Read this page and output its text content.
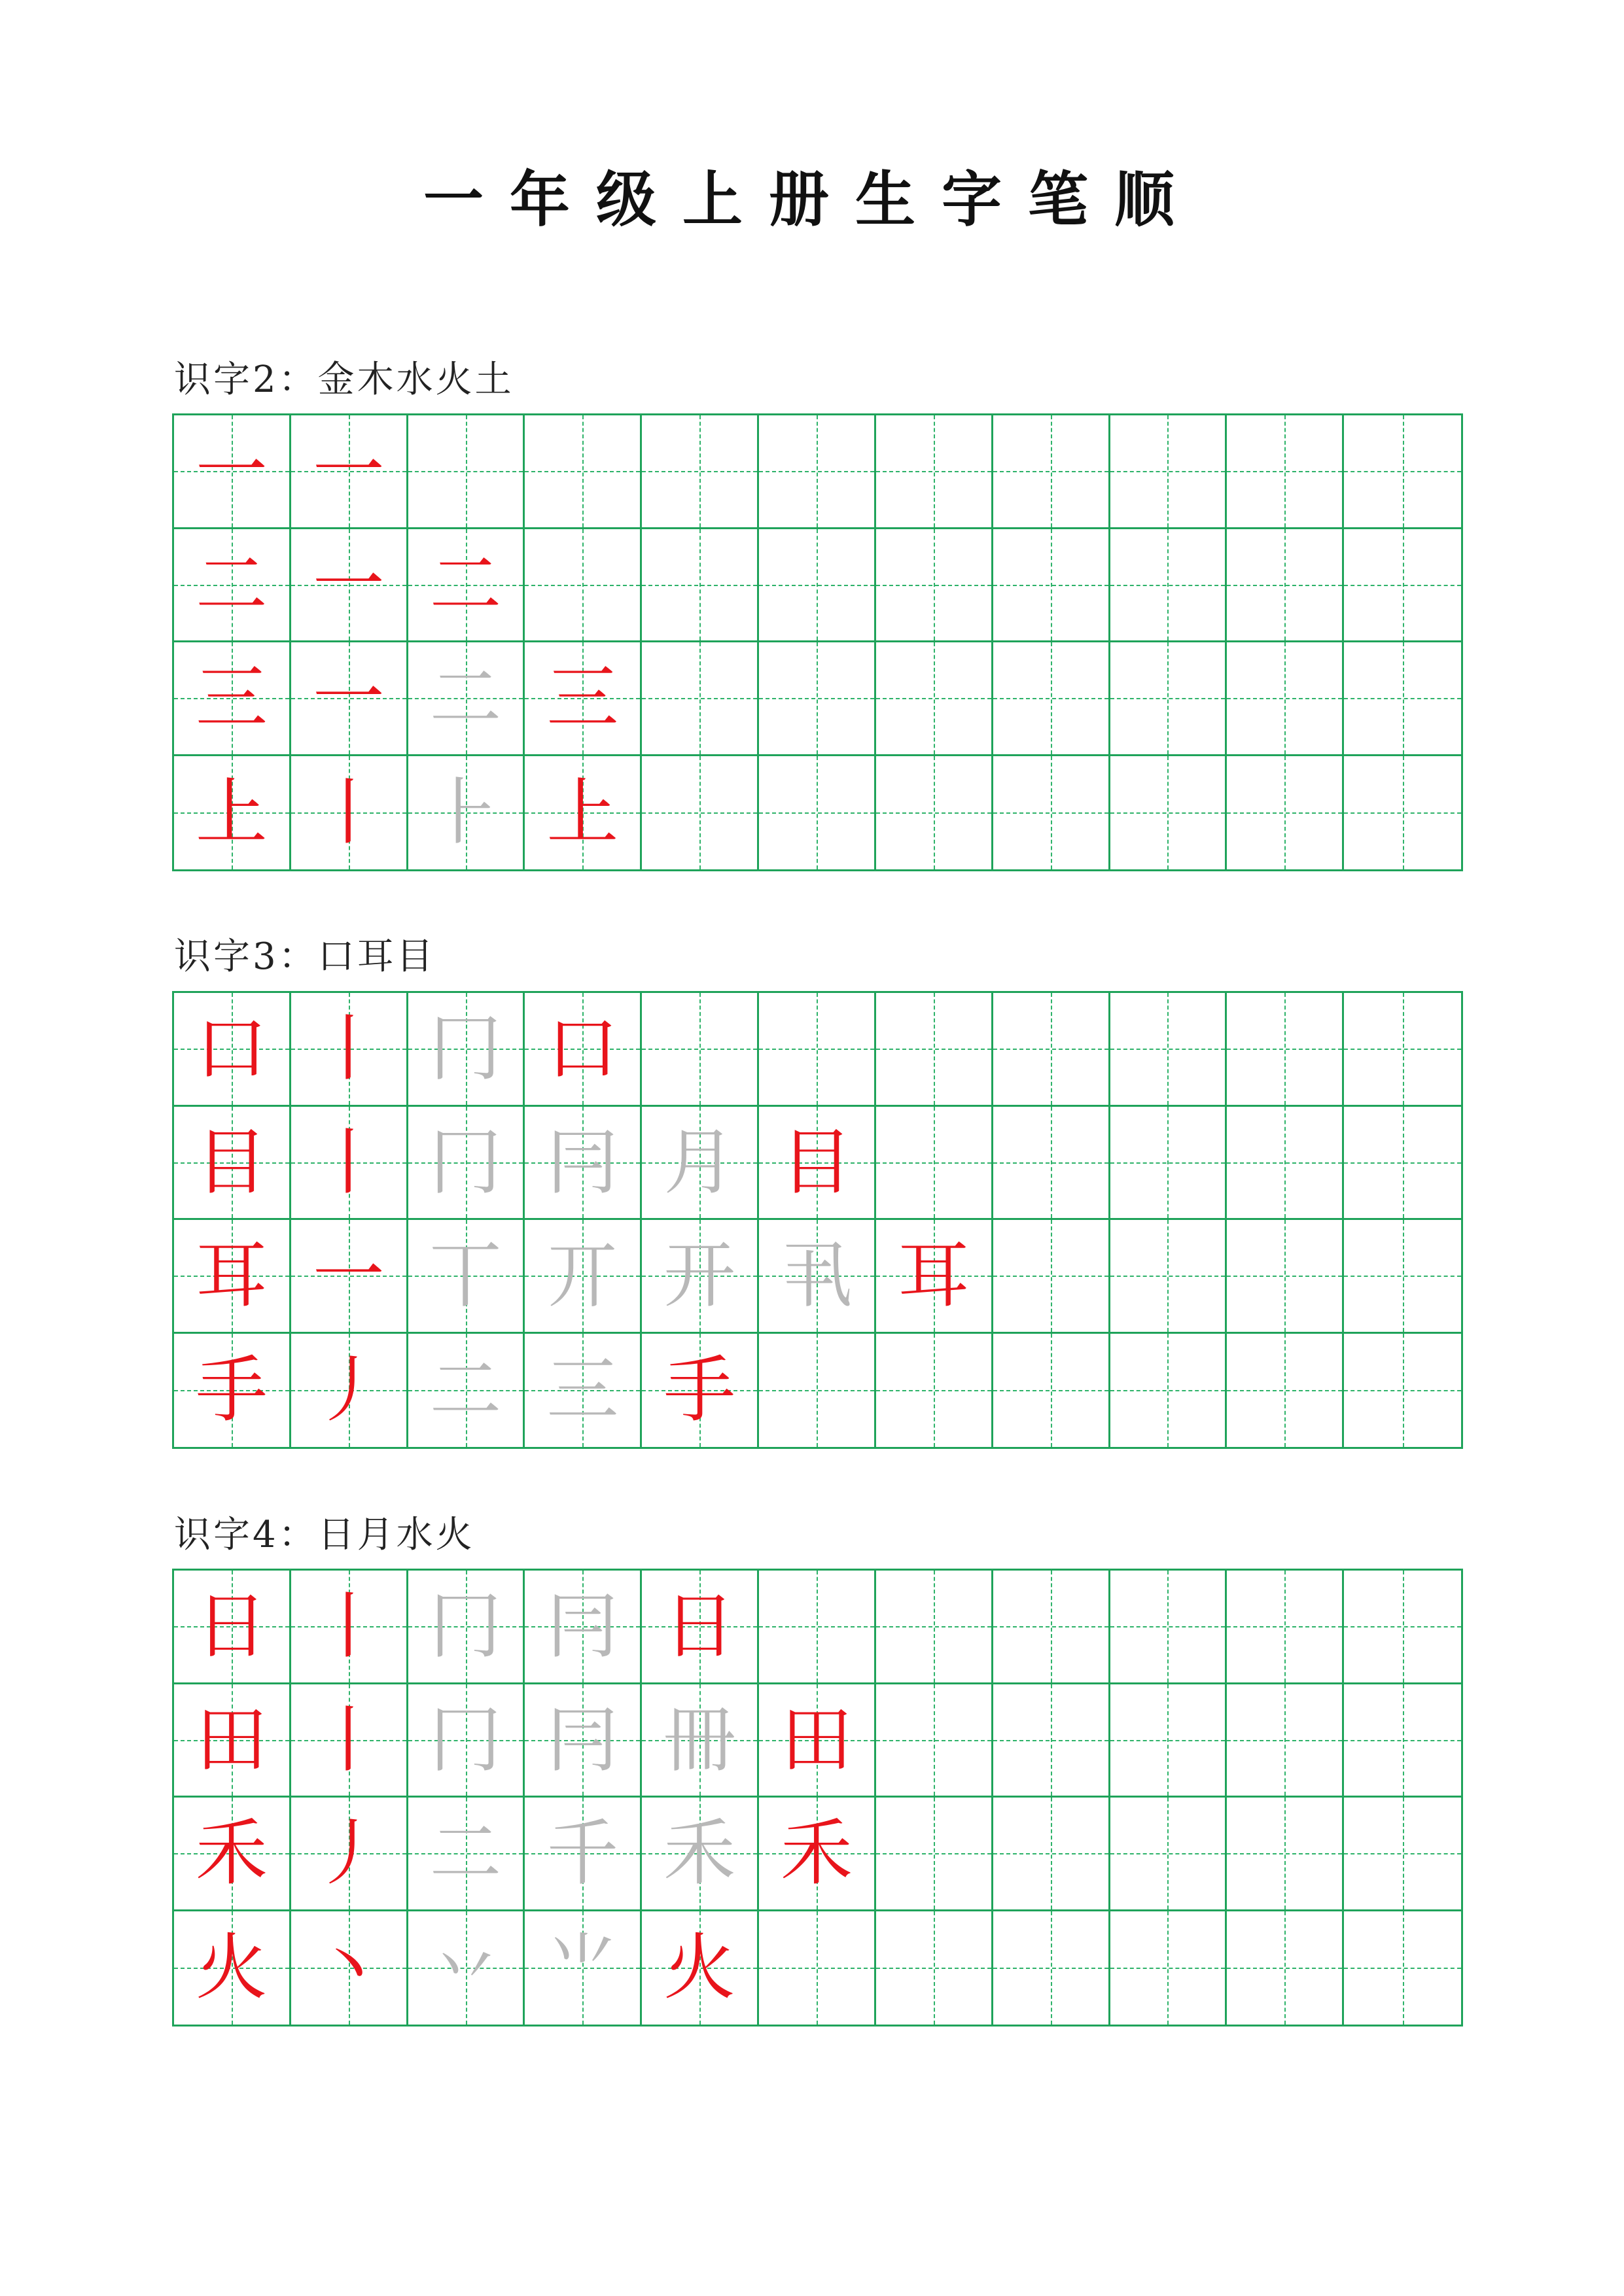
一年级上册生字笔顺
识字2：金木水火土
一 一
二 一 二
三 一 二 三
上 丨 ⺊ 上
识字3：口耳目
口 丨 冂 口
目 丨 冂 冃 月 目
耳 一 丅 丌 开 丮 耳
手 丿 二 三 手
识字4：日月水火
日 丨 冂 冃 日
田 丨 冂 冃 冊 田
禾 丿 二 千 禾 禾
火 丶 丷 ⺌ 火
